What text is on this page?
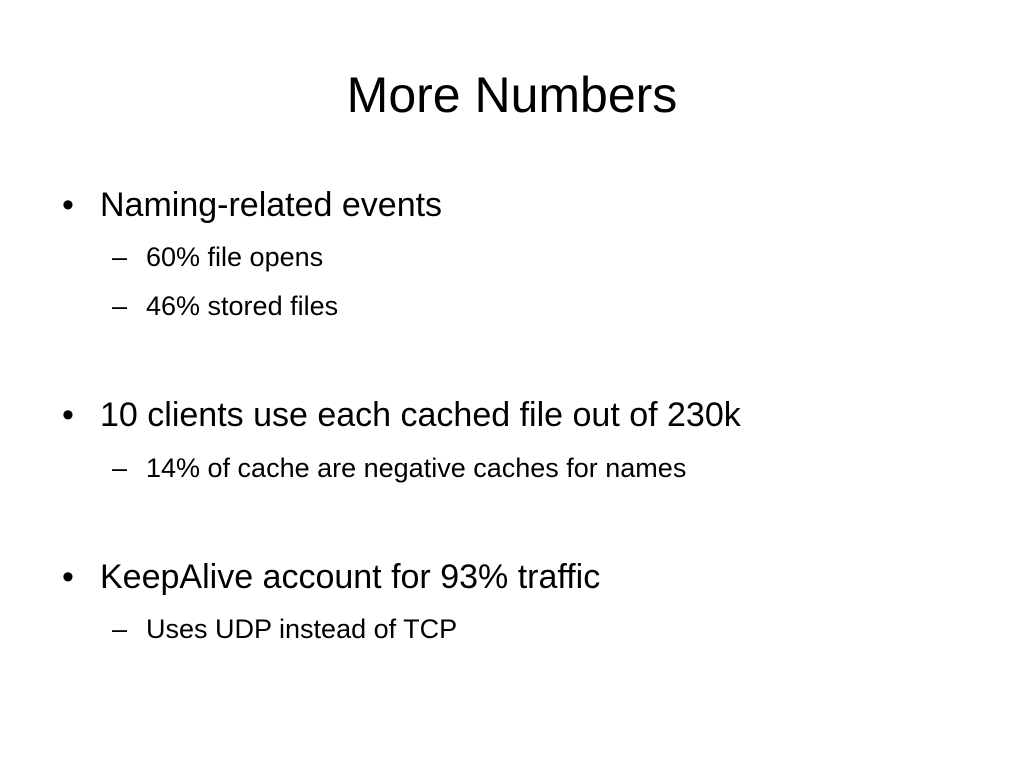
More Numbers
• Naming-related events
– 60% file opens
– 46% stored files
• 10 clients use each cached file out of 230k
– 14% of cache are negative caches for names
• KeepAlive account for 93% traffic
– Uses UDP instead of TCP
